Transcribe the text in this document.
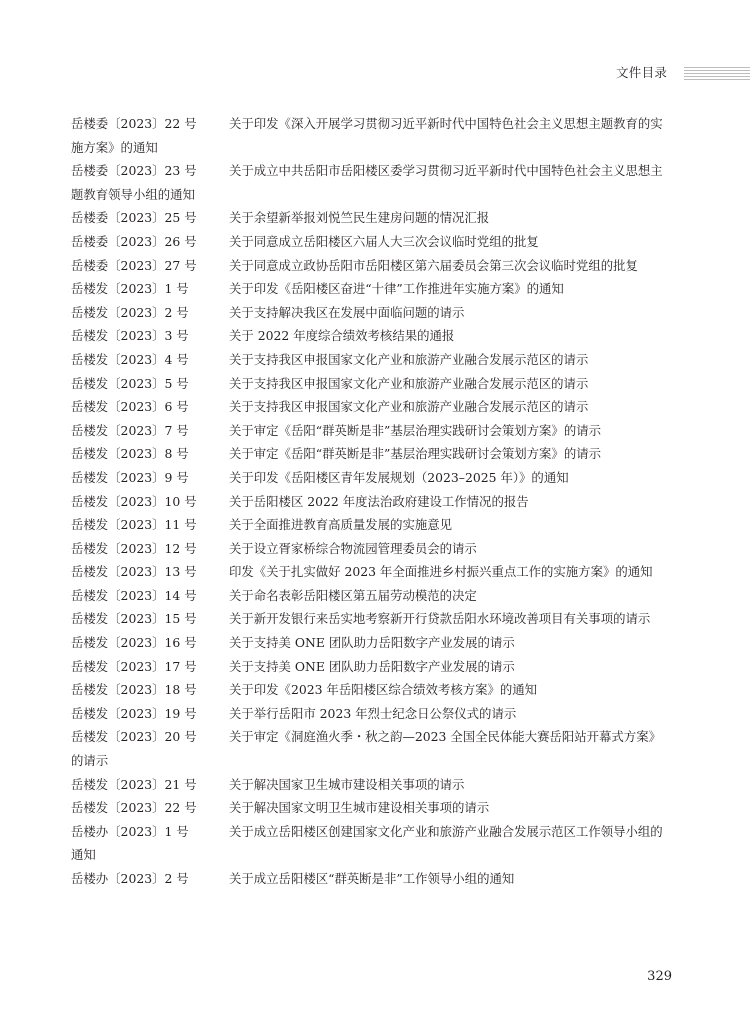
文件目录
岳楼委〔2023〕22 号	关于印发《深入开展学习贯彻习近平新时代中国特色社会主义思想主题教育的实施方案》的通知
岳楼委〔2023〕23 号	关于成立中共岳阳市岳阳楼区委学习贯彻习近平新时代中国特色社会主义思想主题教育领导小组的通知
岳楼委〔2023〕25 号	关于余望新举报刘悦竺民生建房问题的情况汇报
岳楼委〔2023〕26 号	关于同意成立岳阳楼区六届人大三次会议临时党组的批复
岳楼委〔2023〕27 号	关于同意成立政协岳阳市岳阳楼区第六届委员会第三次会议临时党组的批复
岳楼发〔2023〕1 号	关于印发《岳阳楼区奋进“十律”工作推进年实施方案》的通知
岳楼发〔2023〕2 号	关于支持解决我区在发展中面临问题的请示
岳楼发〔2023〕3 号	关于 2022 年度综合绩效考核结果的通报
岳楼发〔2023〕4 号	关于支持我区申报国家文化产业和旅游产业融合发展示范区的请示
岳楼发〔2023〕5 号	关于支持我区申报国家文化产业和旅游产业融合发展示范区的请示
岳楼发〔2023〕6 号	关于支持我区申报国家文化产业和旅游产业融合发展示范区的请示
岳楼发〔2023〕7 号	关于审定《岳阳“群英断是非”基层治理实践研讨会策划方案》的请示
岳楼发〔2023〕8 号	关于审定《岳阳“群英断是非”基层治理实践研讨会策划方案》的请示
岳楼发〔2023〕9 号	关于印发《岳阳楼区青年发展规划（2023–2025 年）》的通知
岳楼发〔2023〕10 号	关于岳阳楼区 2022 年度法治政府建设工作情况的报告
岳楼发〔2023〕11 号	关于全面推进教育高质量发展的实施意见
岳楼发〔2023〕12 号	关于设立胥家桥综合物流园管理委员会的请示
岳楼发〔2023〕13 号	印发《关于扎实做好 2023 年全面推进乡村振兴重点工作的实施方案》的通知
岳楼发〔2023〕14 号	关于命名表彰岳阳楼区第五届劳动模范的决定
岳楼发〔2023〕15 号	关于新开发银行来岳实地考察新开行贷款岳阳水环境改善项目有关事项的请示
岳楼发〔2023〕16 号	关于支持美 ONE 团队助力岳阳数字产业发展的请示
岳楼发〔2023〕17 号	关于支持美 ONE 团队助力岳阳数字产业发展的请示
岳楼发〔2023〕18 号	关于印发《2023 年岳阳楼区综合绩效考核方案》的通知
岳楼发〔2023〕19 号	关于举行岳阳市 2023 年烈士纪念日公祭仪式的请示
岳楼发〔2023〕20 号	关于审定《洞庭渔火季・秋之韵—2023 全国全民体能大赛岳阳站开幕式方案》的请示
岳楼发〔2023〕21 号	关于解决国家卫生城市建设相关事项的请示
岳楼发〔2023〕22 号	关于解决国家文明卫生城市建设相关事项的请示
岳楼办〔2023〕1 号	关于成立岳阳楼区创建国家文化产业和旅游产业融合发展示范区工作领导小组的通知
岳楼办〔2023〕2 号	关于成立岳阳楼区“群英断是非”工作领导小组的通知
329
